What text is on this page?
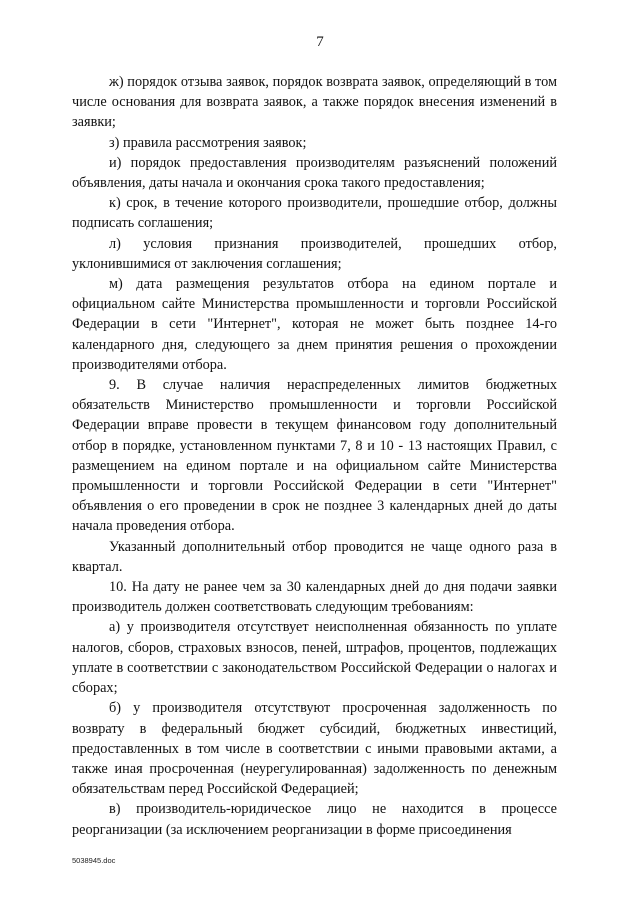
7

ж) порядок отзыва заявок, порядок возврата заявок, определяющий в том числе основания для возврата заявок, а также порядок внесения изменений в заявки;

з) правила рассмотрения заявок;

и) порядок предоставления производителям разъяснений положений объявления, даты начала и окончания срока такого предоставления;

к) срок, в течение которого производители, прошедшие отбор, должны подписать соглашения;

л) условия признания производителей, прошедших отбор, уклонившимися от заключения соглашения;

м) дата размещения результатов отбора на едином портале и официальном сайте Министерства промышленности и торговли Российской Федерации в сети "Интернет", которая не может быть позднее 14-го календарного дня, следующего за днем принятия решения о прохождении производителями отбора.

9. В случае наличия нераспределенных лимитов бюджетных обязательств Министерство промышленности и торговли Российской Федерации вправе провести в текущем финансовом году дополнительный отбор в порядке, установленном пунктами 7, 8 и 10 - 13 настоящих Правил, с размещением на едином портале и на официальном сайте Министерства промышленности и торговли Российской Федерации в сети "Интернет" объявления о его проведении в срок не позднее 3 календарных дней до даты начала проведения отбора.

Указанный дополнительный отбор проводится не чаще одного раза в квартал.

10. На дату не ранее чем за 30 календарных дней до дня подачи заявки производитель должен соответствовать следующим требованиям:

а) у производителя отсутствует неисполненная обязанность по уплате налогов, сборов, страховых взносов, пеней, штрафов, процентов, подлежащих уплате в соответствии с законодательством Российской Федерации о налогах и сборах;

б) у производителя отсутствуют просроченная задолженность по возврату в федеральный бюджет субсидий, бюджетных инвестиций, предоставленных в том числе в соответствии с иными правовыми актами, а также иная просроченная (неурегулированная) задолженность по денежным обязательствам перед Российской Федерацией;

в) производитель-юридическое лицо не находится в процессе реорганизации (за исключением реорганизации в форме присоединения

5038945.doc
